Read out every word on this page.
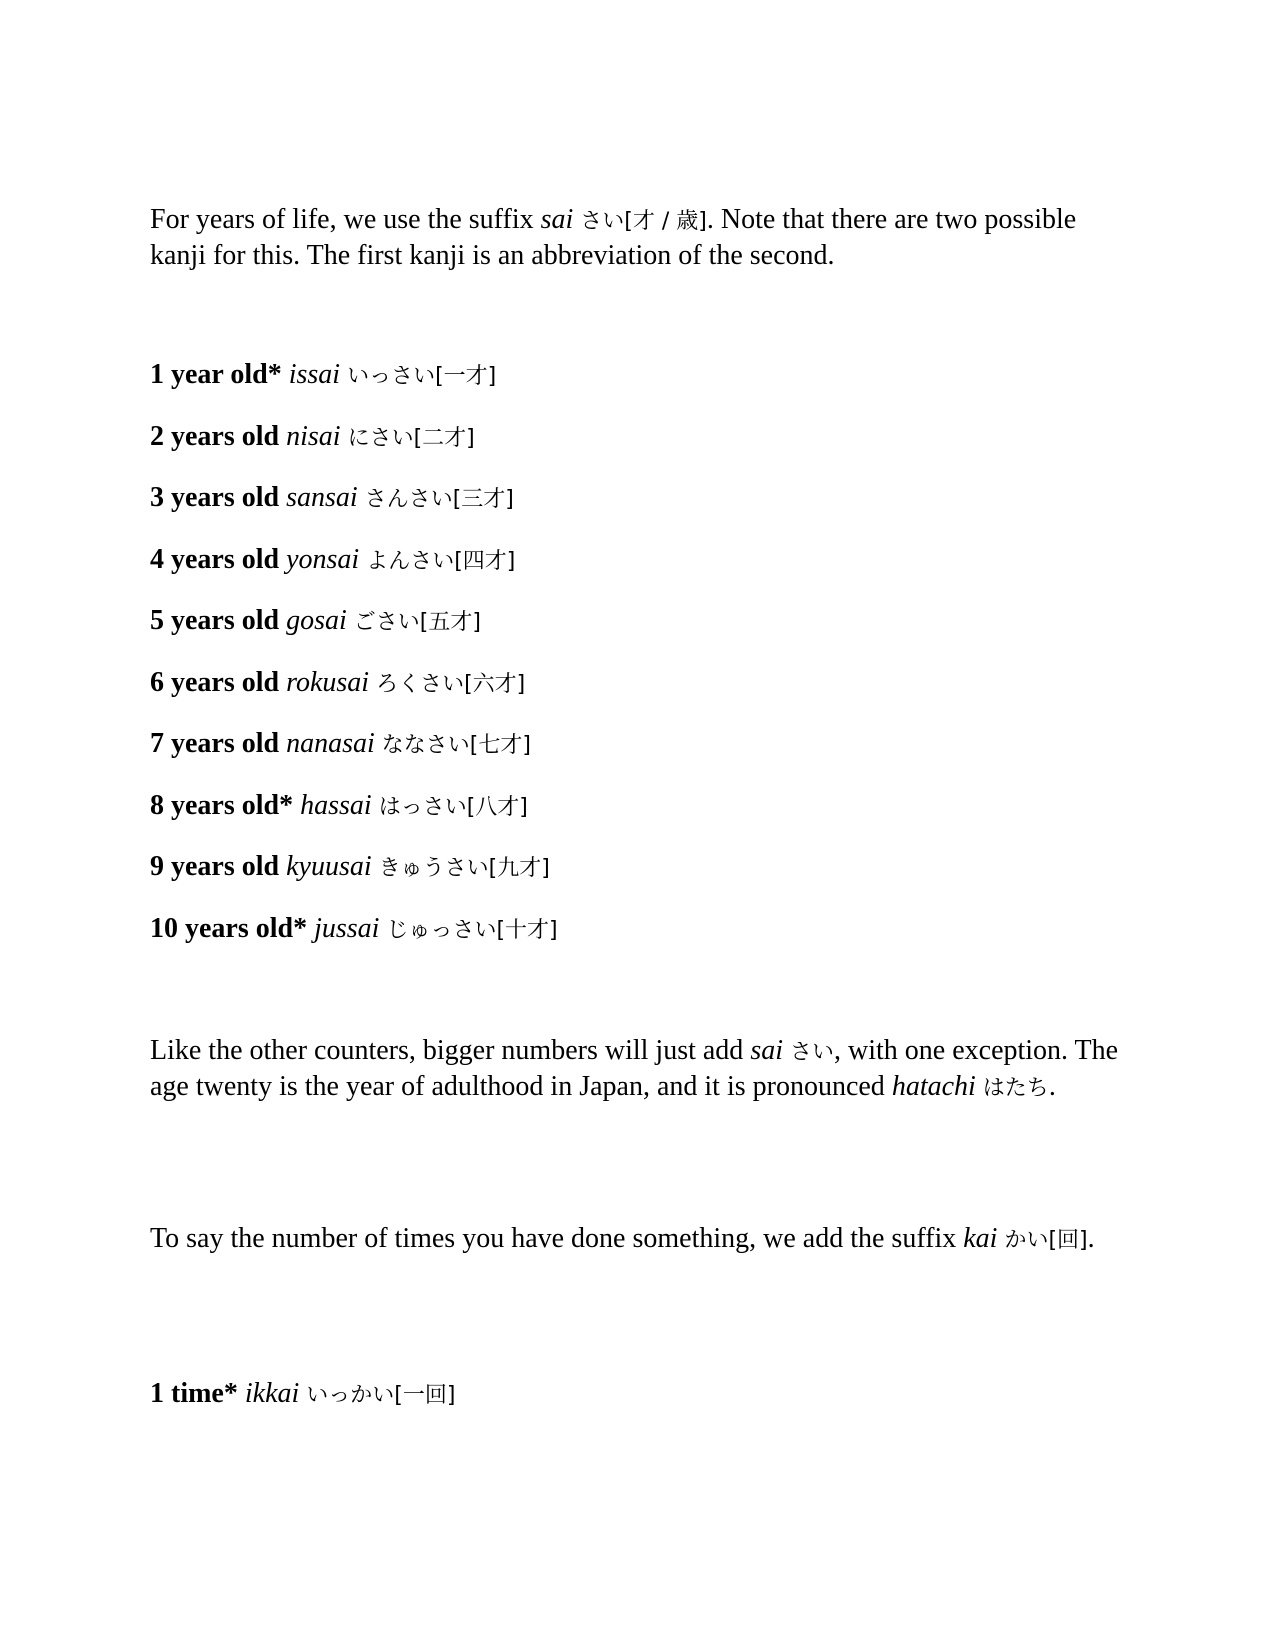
For years of life, we use the suffix sai さい[才 / 歳]. Note that there are two possible kanji for this. The first kanji is an abbreviation of the second.

1 year old* issai いっさい[一才]

2 years old nisai にさい[二才]

3 years old sansai さんさい[三才]

4 years old yonsai よんさい[四才]

5 years old gosai ごさい[五才]

6 years old rokusai ろくさい[六才]

7 years old nanasai ななさい[七才]

8 years old* hassai はっさい[八才]

9 years old kyuusai きゅうさい[九才]

10 years old* jussai じゅっさい[十才]

Like the other counters, bigger numbers will just add sai さい, with one exception. The age twenty is the year of adulthood in Japan, and it is pronounced hatachi はたち.

To say the number of times you have done something, we add the suffix kai かい[回].

1 time* ikkai いっかい[一回]
